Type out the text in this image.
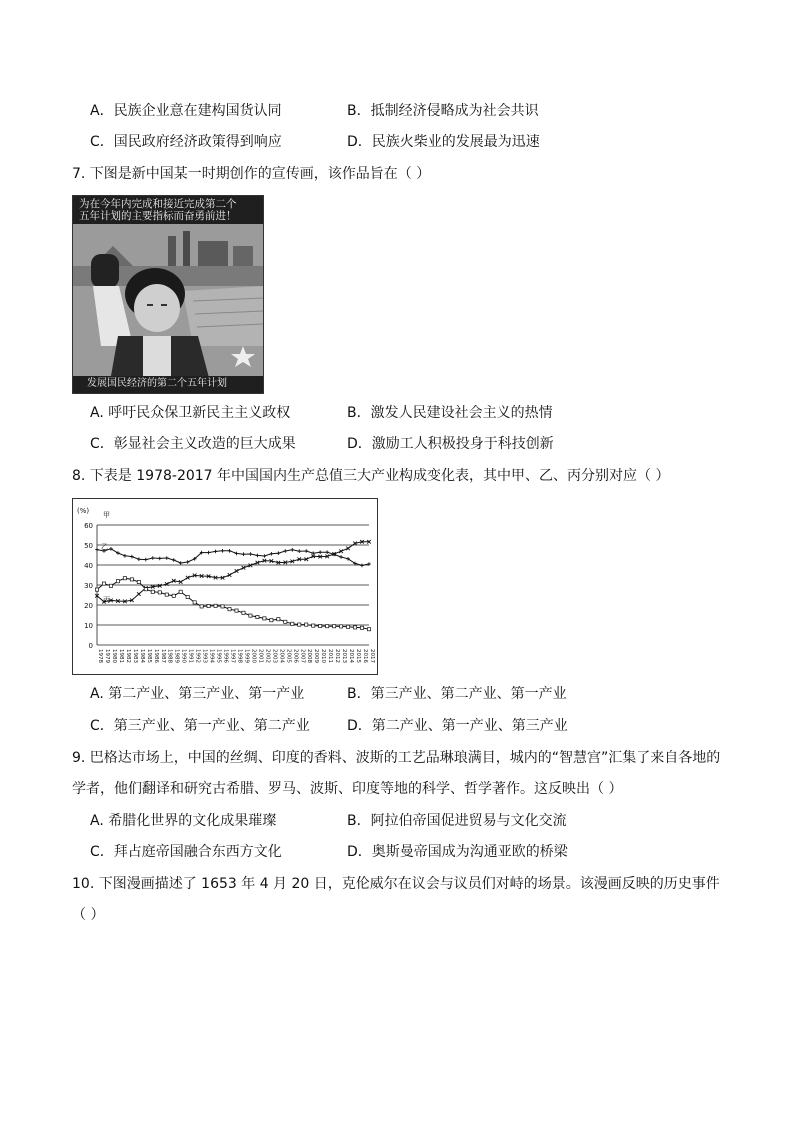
A．民族企业意在建构国货认同	B．抵制经济侵略成为社会共识
C．国民政府经济政策得到响应	D．民族火柴业的发展最为迅速
7. 下图是新中国某一时期创作的宣传画，该作品旨在（ ）
为在今年内完成和接近完成第二个
五年计划的主要指标而奋勇前进！
发展国民经济的第二个五年计划
A. 呼吁民众保卫新民主主义政权	B．激发人民建设社会主义的热情
C．彰显社会主义改造的巨大成果	D．激励工人积极投身于科技创新
8. 下表是 1978-2017 年中国国内生产总值三大产业构成变化表，其中甲、乙、丙分别对应（ ）
0
10
20
30
40
50
60
(%)
1978 1979 1980 1981 1982 1983 1984 1985 1986 1987 1988 1989 1990 1991 1992 1993 1994 1995 1996 1997 1998 1999 2000 2001 2002 2003 2004 2005 2006 2007 2008 2009 2010 2011 2012 2013 2014 2015 2016 2017
甲
乙
丙
A. 第二产业、第三产业、第一产业	B．第三产业、第二产业、第一产业
C．第三产业、第一产业、第二产业	D．第二产业、第一产业、第三产业
9. 巴格达市场上，中国的丝绸、印度的香料、波斯的工艺品琳琅满目，城内的“智慧宫”汇集了来自各地的
学者，他们翻译和研究古希腊、罗马、波斯、印度等地的科学、哲学著作。这反映出（ ）
A. 希腊化世界的文化成果璀璨	B．阿拉伯帝国促进贸易与文化交流
C．拜占庭帝国融合东西方文化	D．奥斯曼帝国成为沟通亚欧的桥梁
10. 下图漫画描述了 1653 年 4 月 20 日，克伦威尔在议会与议员们对峙的场景。该漫画反映的历史事件
（ ）
